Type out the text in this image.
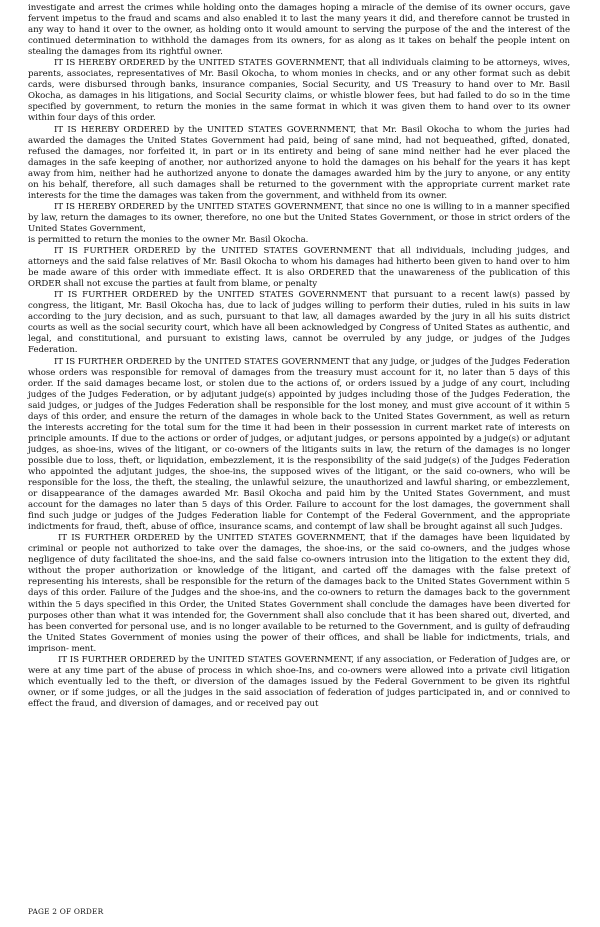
investigate and arrest the crimes while holding onto the damages hoping a miracle of the demise of its owner occurs, gave fervent impetus to the fraud and scams and also enabled it to last the many years it did, and therefore cannot be trusted in any way to hand it over to the owner, as holding onto it would amount to serving the purpose of the and the interest of the continued determination to withhold the damages from its owners, for as along as it takes on behalf the people intent on stealing the damages from its rightful owner.

IT IS HEREBY ORDERED by the UNITED STATES GOVERNMENT, that all individuals claiming to be attorneys, wives, parents, associates, representatives of Mr. Basil Okocha, to whom monies in checks, and or any other format such as debit cards, were disbursed through banks, insurance companies, Social Security, and US Treasury to hand over to Mr. Basil Okocha, as damages in his litigations, and Social Security claims, or whistle blower fees, but had failed to do so in the time specified by government, to return the monies in the same format in which it was given them to hand over to its owner within four days of this order.

IT IS HEREBY ORDERED by the UNITED STATES GOVERNMENT, that Mr. Basil Okocha to whom the juries had awarded the damages the United States Government had paid, being of sane mind, had not bequeathed, gifted, donated, refused the damages, nor forfeited it, in part or in its entirety and being of sane mind neither had he ever placed the damages in the safe keeping of another, nor authorized anyone to hold the damages on his behalf for the years it has kept away from him, neither had he authorized anyone to donate the damages awarded him by the jury to anyone, or any entity on his behalf, therefore, all such damages shall be returned to the government with the appropriate current market rate interests for the time the damages was taken from the government, and withheld from its owner.

IT IS HEREBY ORDERED by the UNITED STATES GOVERNMENT, that since no one is willing to in a manner specified by law, return the damages to its owner, therefore, no one but the United States Government, or those in strict orders of the United States Government,

is permitted to return the monies to the owner Mr. Basil Okocha.

IT IS FURTHER ORDERED by the UNITED STATES GOVERNMENT that all individuals, including judges, and attorneys and the said false relatives of Mr. Basil Okocha to whom his damages had hitherto been given to hand over to him be made aware of this order with immediate effect. It is also ORDERED that the unawareness of the publication of this ORDER shall not excuse the parties at fault from blame, or penalty

IT IS FURTHER ORDERED by the UNITED STATES GOVERNMENT that pursuant to a recent law(s) passed by congress, the litigant, Mr. Basil Okocha has, due to lack of judges willing to perform their duties, ruled in his suits in law according to the jury decision, and as such, pursuant to that law, all damages awarded by the jury in all his suits district courts as well as the social security court, which have all been acknowledged by Congress of United States as authentic, and legal, and constitutional, and pursuant to existing laws, cannot be overruled by any judge, or judges of the Judges Federation.

IT IS FURTHER ORDERED by the UNITED STATES GOVERNMENT that any judge, or judges of the Judges Federation whose orders was responsible for removal of damages from the treasury must account for it, no later than 5 days of this order. If the said damages became lost, or stolen due to the actions of, or orders issued by a judge of any court, including judges of the Judges Federation, or by adjutant judge(s) appointed by judges including those of the Judges Federation, the said judges, or judges of the Judges Federation shall be responsible for the lost money, and must give account of it within 5 days of this order, and ensure the return of the damages in whole back to the United States Government, as well as return the interests accreting for the total sum for the time it had been in their possession in current market rate of interests on principle amounts. If due to the actions or order of judges, or adjutant judges, or persons appointed by a judge(s) or adjutant judges, as shoe-ins, wives of the litigant, or co-owners of the litigants suits in law, the return of the damages is no longer possible due to loss, theft, or liquidation, embezzlement, it is the responsibility of the said judge(s) of the Judges Federation who appointed the adjutant judges, the shoe-ins, the supposed wives of the litigant, or the said co-owners, who will be responsible for the loss, the theft, the stealing, the unlawful seizure, the unauthorized and lawful sharing, or embezzlement, or disappearance of the damages awarded Mr. Basil Okocha and paid him by the United States Government, and must account for the damages no later than 5 days of this Order. Failure to account for the lost damages, the government shall find such judge or judges of the Judges Federation liable for Contempt of the Federal Government, and the appropriate indictments for fraud, theft, abuse of office, insurance scams, and contempt of law shall be brought against all such Judges.

IT IS FURTHER ORDERED by the UNITED STATES GOVERNMENT, that if the damages have been liquidated by criminal or people not authorized to take over the damages, the shoe-ins, or the said co-owners, and the judges whose negligence of duty facilitated the shoe-ins, and the said false co-owners intrusion into the litigation to the extent they did, without the proper authorization or knowledge of the litigant, and carted off the damages with the false pretext of representing his interests, shall be responsible for the return of the damages back to the United States Government within 5 days of this order. Failure of the Judges and the shoe-ins, and the co-owners to return the damages back to the government within the 5 days specified in this Order, the United States Government shall conclude the damages have been diverted for purposes other than what it was intended for, the Government shall also conclude that it has been shared out, diverted, and has been converted for personal use, and is no longer available to be returned to the Government, and is guilty of defrauding the United States Government of monies using the power of their offices, and shall be liable for indictments, trials, and imprison- ment.

IT IS FURTHER ORDERED by the UNITED STATES GOVERNMENT, if any association, or Federation of Judges are, or were at any time part of the abuse of process in which shoe-Ins, and co-owners were allowed into a private civil litigation which eventually led to the theft, or diversion of the damages issued by the Federal Government to be given its rightful owner, or if some judges, or all the judges in the said association of federation of judges participated in, and or connived to effect the fraud, and diversion of damages, and or received pay out

PAGE 2 OF ORDER
